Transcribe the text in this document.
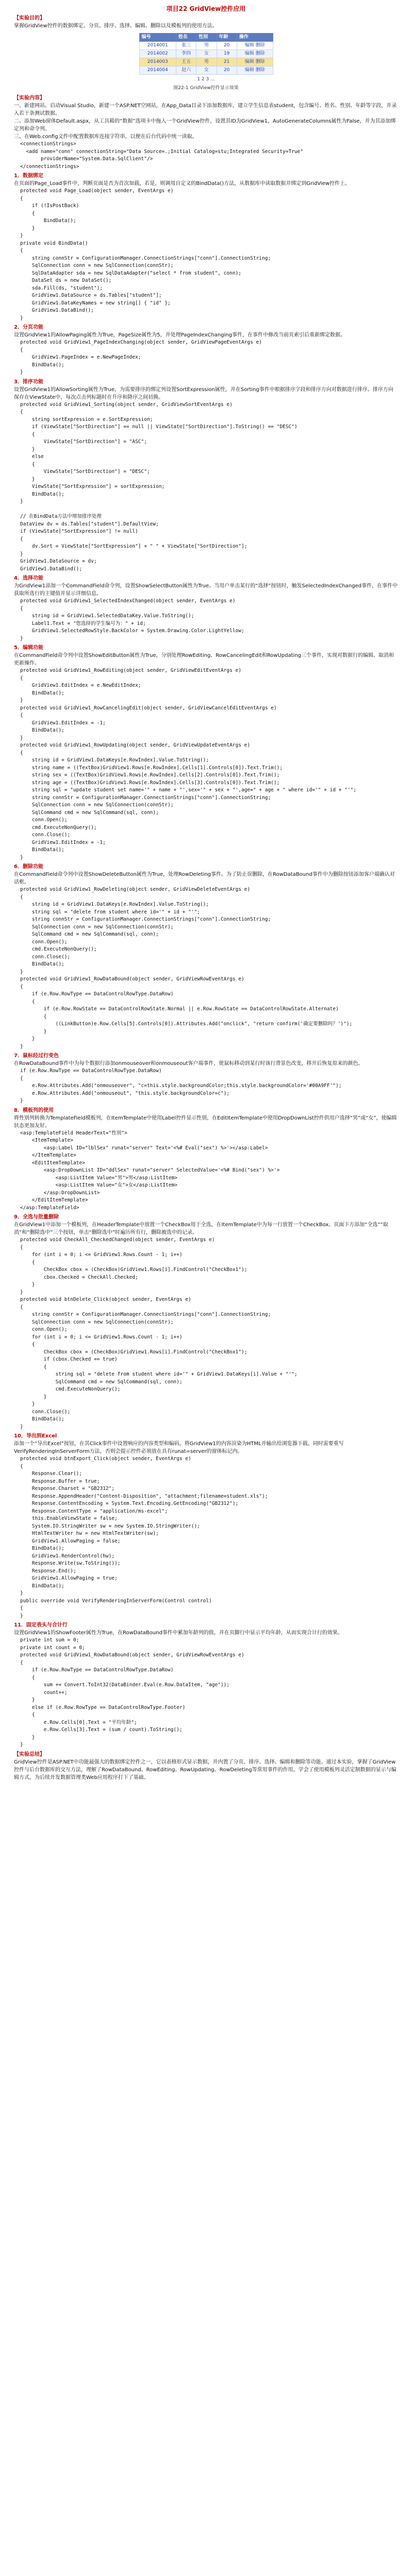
项目22 GridView控件应用
【实验目的】

掌握GridView控件的数据绑定、分页、排序、选择、编辑、删除以及模板列的使用方法。

编号	姓名	性别	年龄	操作
2014001	张三	男	20	编辑 删除
2014002	李四	女	19	编辑 删除
2014003	王五	男	21	编辑 删除
2014004	赵六	女	20	编辑 删除
1 2 3 ...
图22-1 GridView控件显示效果
【实验内容】

一、新建网站。启动Visual Studio，新建一个ASP.NET空网站，在App_Data目录下添加数据库，建立学生信息表student，包含编号、姓名、性别、年龄等字段，并录入若干条测试数据。
二、添加Web窗体Default.aspx，从工具箱的“数据”选项卡中拖入一个GridView控件，设置其ID为GridView1，AutoGenerateColumns属性为False，并为其添加绑定列和命令列。
三、在Web.config文件中配置数据库连接字符串，以便在后台代码中统一读取。

<connectionStrings>
<add name="conn" connectionString="Data Source=.;Initial Catalog=stu;Integrated Security=True"
providerName="System.Data.SqlClient"/>
</connectionStrings>
1．数据绑定

在页面的Page_Load事件中，判断页面是否为首次加载，若是，则调用自定义的BindData()方法，从数据库中读取数据并绑定到GridView控件上。

protected void Page_Load(object sender, EventArgs e)
{
if (!IsPostBack)
{
BindData();
}
}
private void BindData()
{
string connStr = ConfigurationManager.ConnectionStrings["conn"].ConnectionString;
SqlConnection conn = new SqlConnection(connStr);
SqlDataAdapter sda = new SqlDataAdapter("select * from student", conn);
DataSet ds = new DataSet();
sda.Fill(ds, "student");
GridView1.DataSource = ds.Tables["student"];
GridView1.DataKeyNames = new string[] { "id" };
GridView1.DataBind();
}
2．分页功能

设置GridView1的AllowPaging属性为True，PageSize属性为5，并处理PageIndexChanging事件，在事件中修改当前页索引后重新绑定数据。

protected void GridView1_PageIndexChanging(object sender, GridViewPageEventArgs e)
{
GridView1.PageIndex = e.NewPageIndex;
BindData();
}
3．排序功能

设置GridView1的AllowSorting属性为True，为需要排序的绑定列设置SortExpression属性，并在Sorting事件中根据排序字段和排序方向对数据进行排序。排序方向保存在ViewState中，每次点击列标题时在升序和降序之间切换。

protected void GridView1_Sorting(object sender, GridViewSortEventArgs e)
{
string sortExpression = e.SortExpression;
if (ViewState["SortDirection"] == null || ViewState["SortDirection"].ToString() == "DESC")
{
ViewState["SortDirection"] = "ASC";
}
else
{
ViewState["SortDirection"] = "DESC";
}
ViewState["SortExpression"] = sortExpression;
BindData();
}

// 在BindData方法中增加排序处理
DataView dv = ds.Tables["student"].DefaultView;
if (ViewState["SortExpression"] != null)
{
dv.Sort = ViewState["SortExpression"] + " " + ViewState["SortDirection"];
}
GridView1.DataSource = dv;
GridView1.DataBind();
4．选择功能

为GridView1添加一个CommandField命令列，设置ShowSelectButton属性为True。当用户单击某行的“选择”按钮时，触发SelectedIndexChanged事件，在事件中获取所选行的主键值并显示详细信息。

protected void GridView1_SelectedIndexChanged(object sender, EventArgs e)
{
string id = GridView1.SelectedDataKey.Value.ToString();
Label1.Text = "您选择的学生编号为：" + id;
GridView1.SelectedRowStyle.BackColor = System.Drawing.Color.LightYellow;
}
5．编辑功能

在CommandField命令列中设置ShowEditButton属性为True，分别处理RowEditing、RowCancelingEdit和RowUpdating三个事件，实现对数据行的编辑、取消和更新操作。

protected void GridView1_RowEditing(object sender, GridViewEditEventArgs e)
{
GridView1.EditIndex = e.NewEditIndex;
BindData();
}
protected void GridView1_RowCancelingEdit(object sender, GridViewCancelEditEventArgs e)
{
GridView1.EditIndex = -1;
BindData();
}
protected void GridView1_RowUpdating(object sender, GridViewUpdateEventArgs e)
{
string id = GridView1.DataKeys[e.RowIndex].Value.ToString();
string name = ((TextBox)GridView1.Rows[e.RowIndex].Cells[1].Controls[0]).Text.Trim();
string sex = ((TextBox)GridView1.Rows[e.RowIndex].Cells[2].Controls[0]).Text.Trim();
string age = ((TextBox)GridView1.Rows[e.RowIndex].Cells[3].Controls[0]).Text.Trim();
string sql = "update student set name='" + name + "',sex='" + sex + "',age=" + age + " where id='" + id + "'";
string connStr = ConfigurationManager.ConnectionStrings["conn"].ConnectionString;
SqlConnection conn = new SqlConnection(connStr);
SqlCommand cmd = new SqlCommand(sql, conn);
conn.Open();
cmd.ExecuteNonQuery();
conn.Close();
GridView1.EditIndex = -1;
BindData();
}
6．删除功能

在CommandField命令列中设置ShowDeleteButton属性为True，处理RowDeleting事件。为了防止误删除，在RowDataBound事件中为删除按钮添加客户端确认对话框。

protected void GridView1_RowDeleting(object sender, GridViewDeleteEventArgs e)
{
string id = GridView1.DataKeys[e.RowIndex].Value.ToString();
string sql = "delete from student where id='" + id + "'";
string connStr = ConfigurationManager.ConnectionStrings["conn"].ConnectionString;
SqlConnection conn = new SqlConnection(connStr);
SqlCommand cmd = new SqlCommand(sql, conn);
conn.Open();
cmd.ExecuteNonQuery();
conn.Close();
BindData();
}
protected void GridView1_RowDataBound(object sender, GridViewRowEventArgs e)
{
if (e.Row.RowType == DataControlRowType.DataRow)
{
if (e.Row.RowState == DataControlRowState.Normal || e.Row.RowState == DataControlRowState.Alternate)
{
((LinkButton)e.Row.Cells[5].Controls[0]).Attributes.Add("onclick", "return confirm('确定要删除吗？')");
}
}
}
7．鼠标经过行变色

在RowDataBound事件中为每个数据行添加onmouseover和onmouseout客户端事件，使鼠标移动到某行时该行背景色改变，移开后恢复原来的颜色。

if (e.Row.RowType == DataControlRowType.DataRow)
{
e.Row.Attributes.Add("onmouseover", "c=this.style.backgroundColor;this.style.backgroundColor='#00A9FF'");
e.Row.Attributes.Add("onmouseout", "this.style.backgroundColor=c");
}
8．模板列的使用

将性别列转换为TemplateField模板列，在ItemTemplate中使用Label控件显示性别，在EditItemTemplate中使用DropDownList控件供用户选择“男”或“女”，使编辑状态更加友好。

<asp:TemplateField HeaderText="性别">
<ItemTemplate>
<asp:Label ID="lblSex" runat="server" Text='<%# Eval("sex") %>'></asp:Label>
</ItemTemplate>
<EditItemTemplate>
<asp:DropDownList ID="ddlSex" runat="server" SelectedValue='<%# Bind("sex") %>'>
<asp:ListItem Value="男">男</asp:ListItem>
<asp:ListItem Value="女">女</asp:ListItem>
</asp:DropDownList>
</EditItemTemplate>
</asp:TemplateField>
9．全选与批量删除

在GridView1中添加一个模板列，在HeaderTemplate中放置一个CheckBox用于全选，在ItemTemplate中为每一行放置一个CheckBox。页面下方添加“全选”“取消”和“删除选中”三个按钮，单击“删除选中”时遍历所有行，删除被选中的记录。

protected void CheckAll_CheckedChanged(object sender, EventArgs e)
{
for (int i = 0; i <= GridView1.Rows.Count - 1; i++)
{
CheckBox cbox = (CheckBox)GridView1.Rows[i].FindControl("CheckBox1");
cbox.Checked = CheckAll.Checked;
}
}
protected void btnDelete_Click(object sender, EventArgs e)
{
string connStr = ConfigurationManager.ConnectionStrings["conn"].ConnectionString;
SqlConnection conn = new SqlConnection(connStr);
conn.Open();
for (int i = 0; i <= GridView1.Rows.Count - 1; i++)
{
CheckBox cbox = (CheckBox)GridView1.Rows[i].FindControl("CheckBox1");
if (cbox.Checked == true)
{
string sql = "delete from student where id='" + GridView1.DataKeys[i].Value + "'";
SqlCommand cmd = new SqlCommand(sql, conn);
cmd.ExecuteNonQuery();
}
}
conn.Close();
BindData();
}
10．导出到Excel

添加一个“导出Excel”按钮，在其Click事件中设置响应的内容类型和编码，将GridView1的内容渲染为HTML并输出给浏览器下载。同时需要重写VerifyRenderingInServerForm方法，否则会提示控件必须放在具有runat=server的窗体标记内。

protected void btnExport_Click(object sender, EventArgs e)
{
Response.Clear();
Response.Buffer = true;
Response.Charset = "GB2312";
Response.AppendHeader("Content-Disposition", "attachment;filename=student.xls");
Response.ContentEncoding = System.Text.Encoding.GetEncoding("GB2312");
Response.ContentType = "application/ms-excel";
this.EnableViewState = false;
System.IO.StringWriter sw = new System.IO.StringWriter();
HtmlTextWriter hw = new HtmlTextWriter(sw);
GridView1.AllowPaging = false;
BindData();
GridView1.RenderControl(hw);
Response.Write(sw.ToString());
Response.End();
GridView1.AllowPaging = true;
BindData();
}
public override void VerifyRenderingInServerForm(Control control)
{
}
11．固定表头与合计行

设置GridView1的ShowFooter属性为True，在RowDataBound事件中累加年龄列的值，并在页脚行中显示平均年龄，从而实现合计行的效果。

private int sum = 0;
private int count = 0;
protected void GridView1_RowDataBound(object sender, GridViewRowEventArgs e)
{
if (e.Row.RowType == DataControlRowType.DataRow)
{
sum += Convert.ToInt32(DataBinder.Eval(e.Row.DataItem, "age"));
count++;
}
else if (e.Row.RowType == DataControlRowType.Footer)
{
e.Row.Cells[0].Text = "平均年龄";
e.Row.Cells[3].Text = (sum / count).ToString();
}
}
【实验总结】

GridView控件是ASP.NET中功能最强大的数据绑定控件之一，它以表格形式显示数据，并内置了分页、排序、选择、编辑和删除等功能。通过本实验，掌握了GridView控件与后台数据库的交互方法，理解了RowDataBound、RowEditing、RowUpdating、RowDeleting等常用事件的作用，学会了使用模板列灵活定制数据的显示与编辑方式，为后续开发数据管理类Web应用程序打下了基础。
